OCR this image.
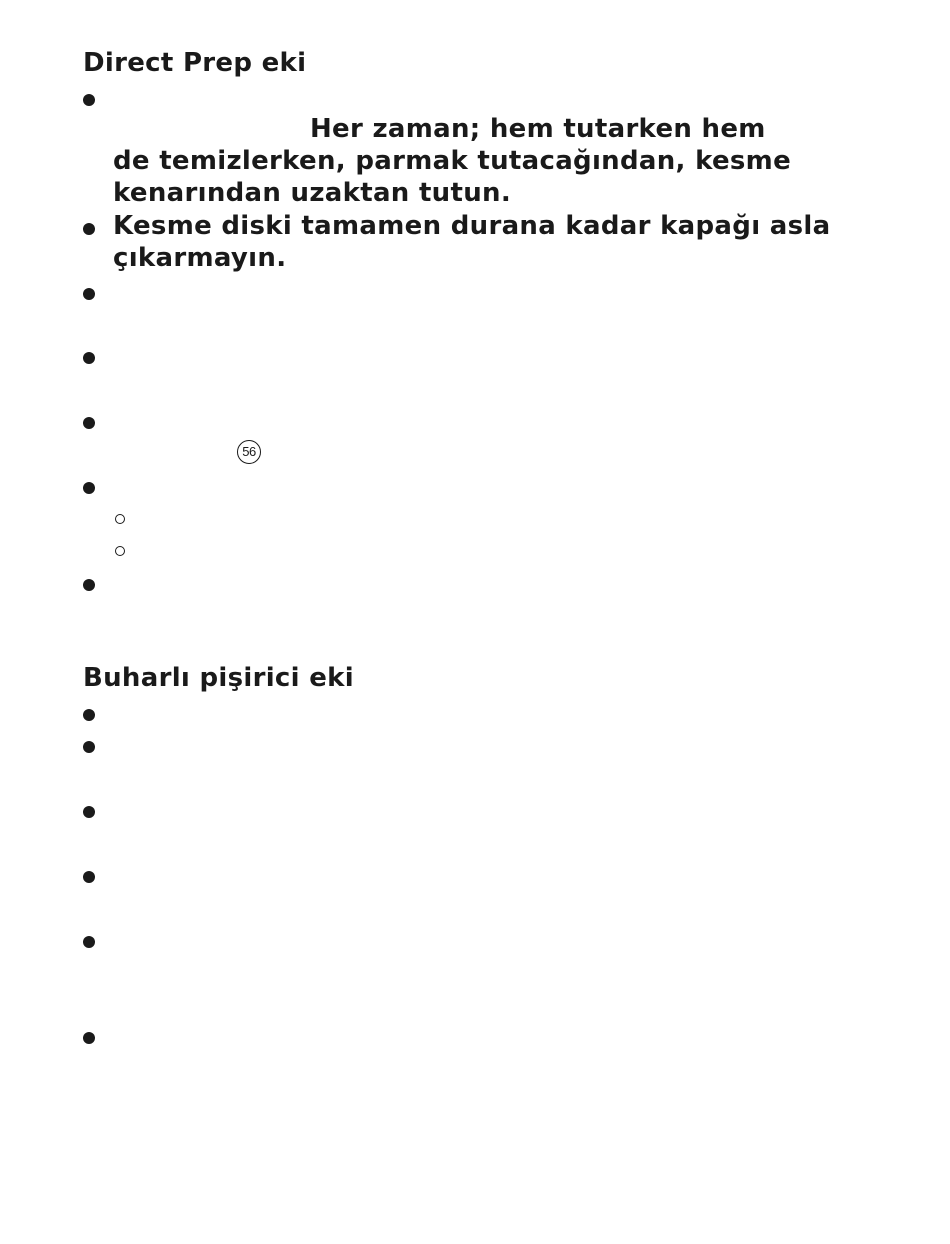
Direct Prep eki

Her zaman; hem tutarken hem

de temizlerken, parmak tutacağından, kesme

kenarından uzaktan tutun.

Kesme diski tamamen durana kadar kapağı asla

çıkarmayın.

56
Buharlı pişirici eki
